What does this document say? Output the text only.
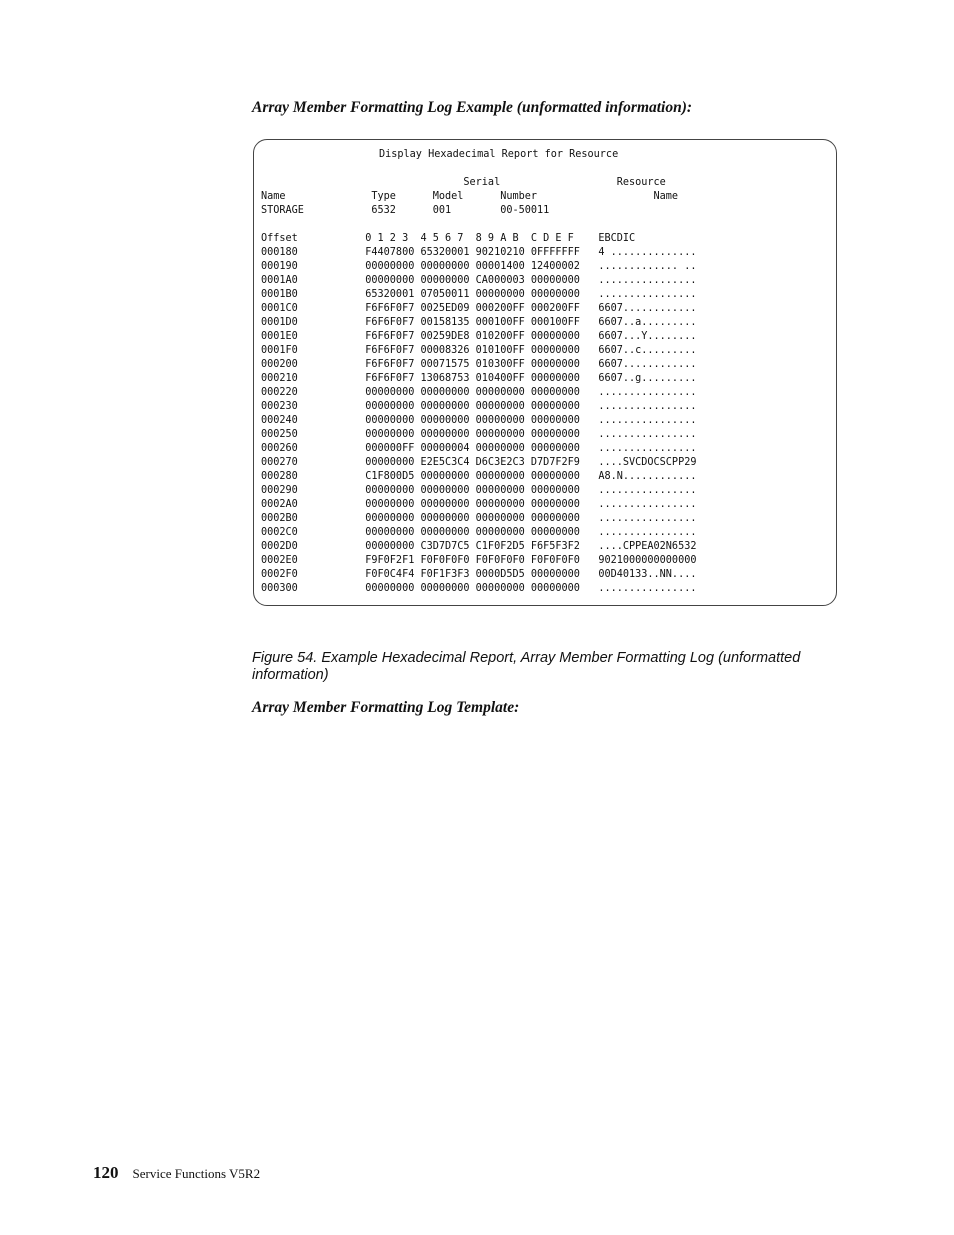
Array Member Formatting Log Example (unformatted information):
Display Hexadecimal Report for Resource

Serial                   Resource
Name              Type      Model      Number                   Name
STORAGE           6532      001        00-50011

Offset           0 1 2 3  4 5 6 7  8 9 A B  C D E F    EBCDIC
000180           F4407800 65320001 90210210 0FFFFFFF   4 ..............
000190           00000000 00000000 00001400 12400002   ............. ..
0001A0           00000000 00000000 CA000003 00000000   ................
0001B0           65320001 07050011 00000000 00000000   ................
0001C0           F6F6F0F7 0025ED09 000200FF 000200FF   6607............
0001D0           F6F6F0F7 00158135 000100FF 000100FF   6607..a.........
0001E0           F6F6F0F7 00259DE8 010200FF 00000000   6607...Y........
0001F0           F6F6F0F7 00008326 010100FF 00000000   6607..c.........
000200           F6F6F0F7 00071575 010300FF 00000000   6607............
000210           F6F6F0F7 13068753 010400FF 00000000   6607..g.........
000220           00000000 00000000 00000000 00000000   ................
000230           00000000 00000000 00000000 00000000   ................
000240           00000000 00000000 00000000 00000000   ................
000250           00000000 00000000 00000000 00000000   ................
000260           000000FF 00000004 00000000 00000000   ................
000270           00000000 E2E5C3C4 D6C3E2C3 D7D7F2F9   ....SVCDOCSCPP29
000280           C1F800D5 00000000 00000000 00000000   A8.N............
000290           00000000 00000000 00000000 00000000   ................
0002A0           00000000 00000000 00000000 00000000   ................
0002B0           00000000 00000000 00000000 00000000   ................
0002C0           00000000 00000000 00000000 00000000   ................
0002D0           00000000 C3D7D7C5 C1F0F2D5 F6F5F3F2   ....CPPEA02N6532
0002E0           F9F0F2F1 F0F0F0F0 F0F0F0F0 F0F0F0F0   9021000000000000
0002F0           F0F0C4F4 F0F1F3F3 0000D5D5 00000000   00D40133..NN....
000300           00000000 00000000 00000000 00000000   ................
Figure 54. Example Hexadecimal Report, Array Member Formatting Log (unformatted information)
Array Member Formatting Log Template:
120 Service Functions V5R2
